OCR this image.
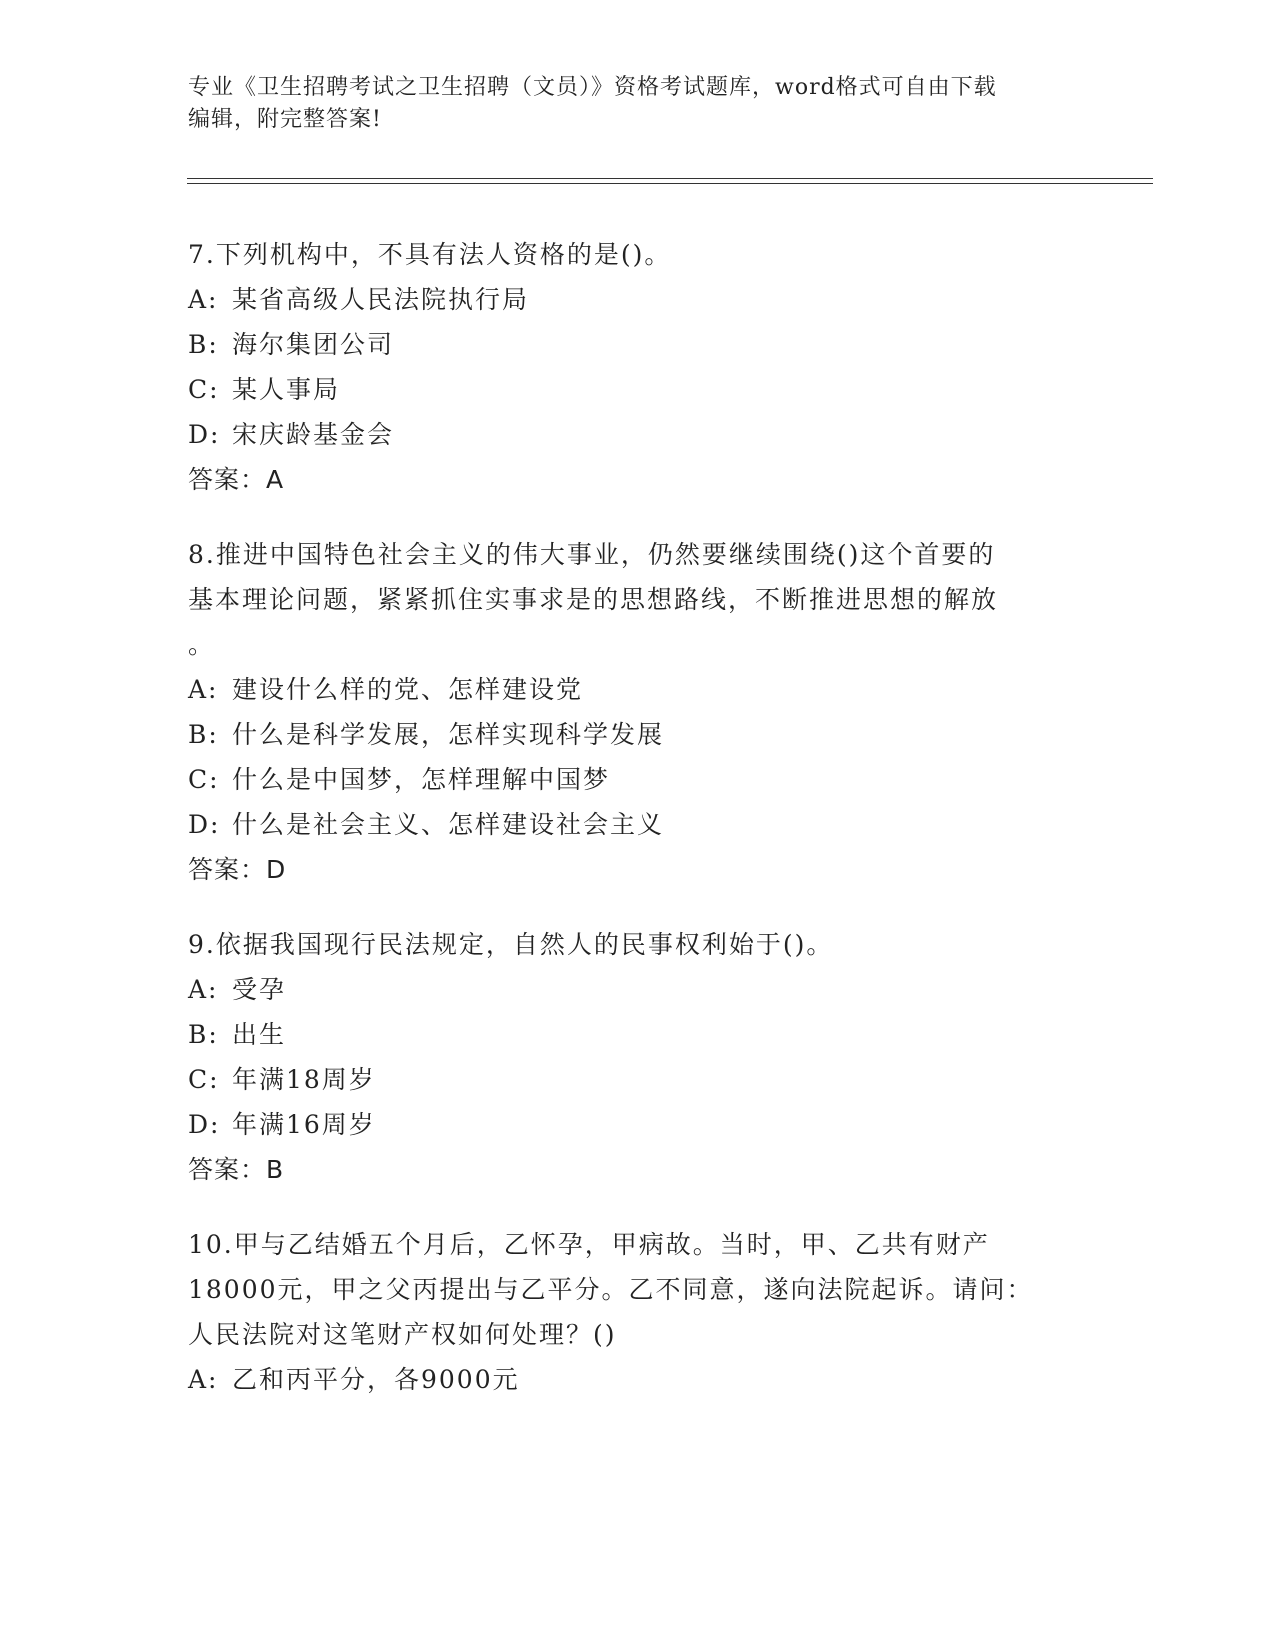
专业《卫生招聘考试之卫生招聘（文员）》资格考试题库，word格式可自由下载
编辑，附完整答案!
7.下列机构中，不具有法人资格的是()。
A: 某省高级人民法院执行局
B: 海尔集团公司
C: 某人事局
D: 宋庆龄基金会
答案：A
8.推进中国特色社会主义的伟大事业，仍然要继续围绕()这个首要的
基本理论问题，紧紧抓住实事求是的思想路线，不断推进思想的解放
。
A: 建设什么样的党、怎样建设党
B: 什么是科学发展，怎样实现科学发展
C: 什么是中国梦，怎样理解中国梦
D: 什么是社会主义、怎样建设社会主义
答案：D
9.依据我国现行民法规定，自然人的民事权利始于()。
A: 受孕
B: 出生
C: 年满18周岁
D: 年满16周岁
答案：B
10.甲与乙结婚五个月后，乙怀孕，甲病故。当时，甲、乙共有财产
18000元，甲之父丙提出与乙平分。乙不同意，遂向法院起诉。请问：
人民法院对这笔财产权如何处理？()
A: 乙和丙平分，各9000元
